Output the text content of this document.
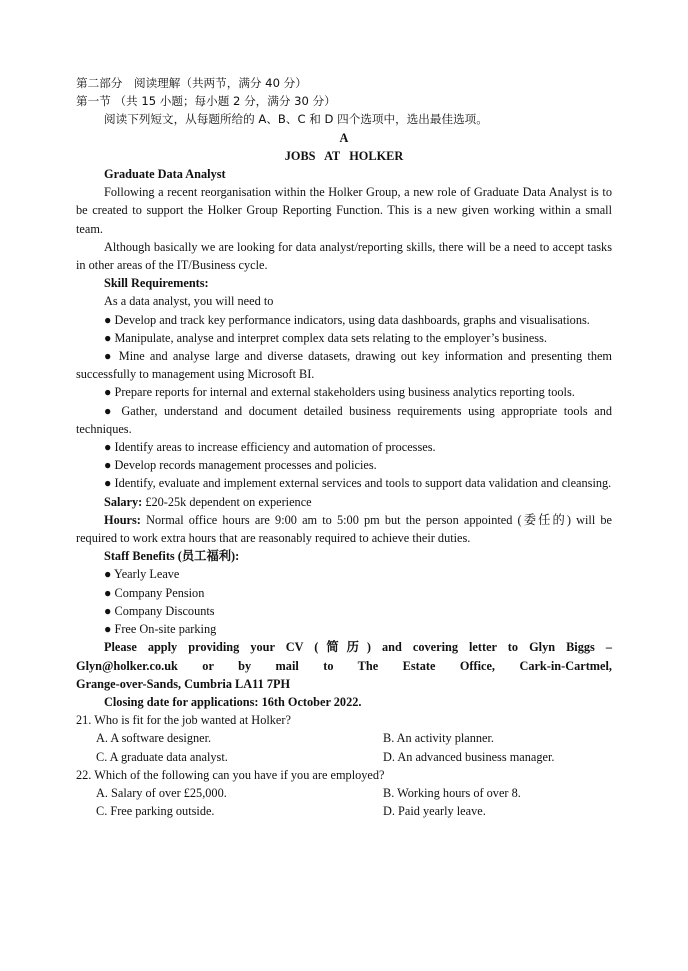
第二部分　阅读理解（共两节，满分 40 分）
第一节 （共 15 小题；每小题 2 分，满分 30 分）
阅读下列短文，从每题所给的 A、B、C 和 D 四个选项中，选出最佳选项。
A
JOBS   AT   HOLKER
Graduate Data Analyst

Following a recent reorganisation within the Holker Group, a new role of Graduate Data Analyst is to be created to support the Holker Group Reporting Function. This is a new given working within a small team.

Although basically we are looking for data analyst/reporting skills, there will be a need to accept tasks in other areas of the IT/Business cycle.

Skill Requirements:
As a data analyst, you will need to

● Develop and track key performance indicators, using data dashboards, graphs and visualisations.

● Manipulate, analyse and interpret complex data sets relating to the employer’s business.

● Mine and analyse large and diverse datasets, drawing out key information and presenting them successfully to management using Microsoft BI.

● Prepare reports for internal and external stakeholders using business analytics reporting tools.

● Gather, understand and document detailed business requirements using appropriate tools and techniques.

● Identify areas to increase efficiency and automation of processes.

● Develop records management processes and policies.

● Identify, evaluate and implement external services and tools to support data validation and cleansing.

Salary: £20-25k dependent on experience

Hours: Normal office hours are 9:00 am to 5:00 pm but the person appointed (委任的) will be required to work extra hours that are reasonably required to achieve their duties.

Staff Benefits (员工福利):
● Yearly Leave
● Company Pension
● Company Discounts
● Free On-site parking
Please apply providing your CV (简历) and covering letter to Glyn Biggs –
Glyn@holker.co.uk or by mail to The Estate Office, Cark-in-Cartmel,
Grange-over-Sands, Cumbria LA11 7PH
Closing date for applications: 16th October 2022.
21. Who is fit for the job wanted at Holker?
A. A software designer.	B. An activity planner.
C. A graduate data analyst.	D. An advanced business manager.
22. Which of the following can you have if you are employed?
A. Salary of over £25,000.	B. Working hours of over 8.
C. Free parking outside.	D. Paid yearly leave.
